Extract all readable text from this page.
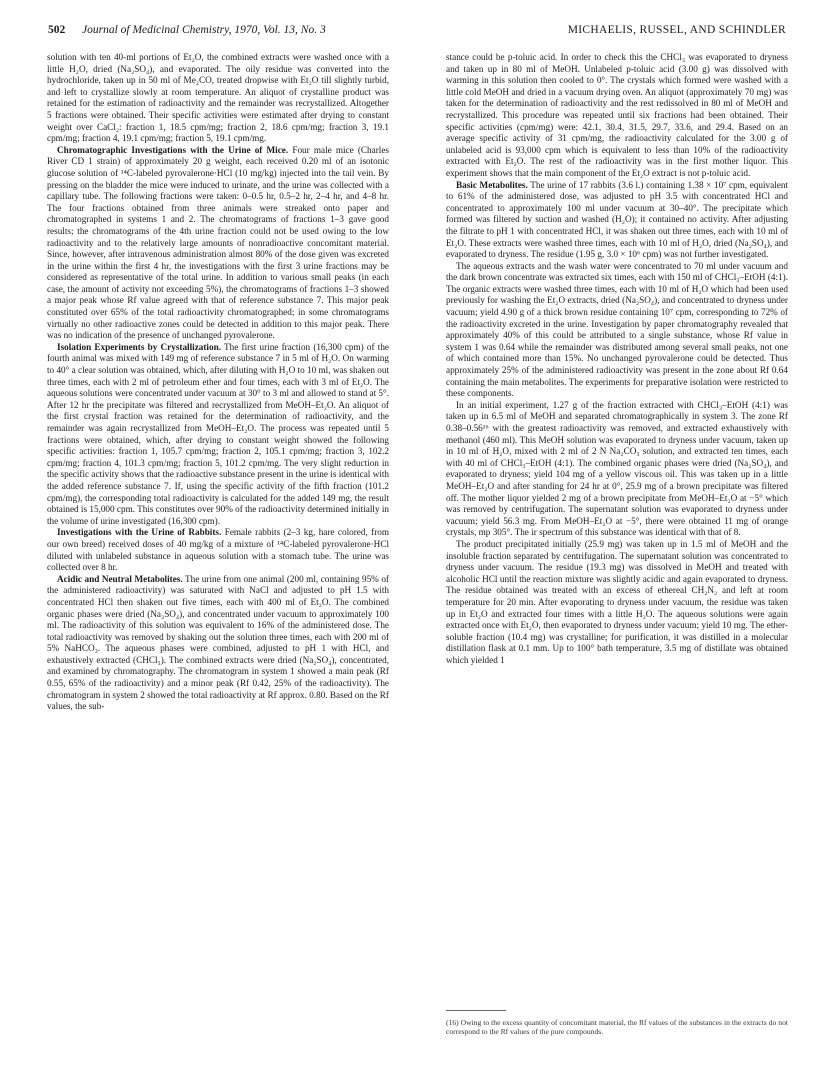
502 Journal of Medicinal Chemistry, 1970, Vol. 13, No. 3	MICHAELIS, RUSSEL, AND SCHINDLER

solution with ten 40-ml portions of Et₂O, the combined extracts were washed once with a little H₂O, dried (Na₂SO₄), and evaporated. The oily residue was converted into the hydrochloride, taken up in 50 ml of Me₂CO, treated dropwise with Et₂O till slightly turbid, and left to crystallize slowly at room temperature. An aliquot of crystalline product was retained for the estimation of radioactivity and the remainder was recrystallized. Altogether 5 fractions were obtained. Their specific activities were estimated after drying to constant weight over CaCl₂: fraction 1, 18.5 cpm/mg; fraction 2, 18.6 cpm/mg; fraction 3, 19.1 cpm/mg; fraction 4, 19.1 cpm/mg; fraction 5, 19.1 cpm/mg.

Chromatographic Investigations with the Urine of Mice. Four male mice (Charles River CD 1 strain) of approximately 20 g weight, each received 0.20 ml of an isotonic glucose solution of ¹⁴C-labeled pyrovalerone·HCl (10 mg/kg) injected into the tail vein. By pressing on the bladder the mice were induced to urinate, and the urine was collected with a capillary tube. The following fractions were taken: 0–0.5 hr, 0.5–2 hr, 2–4 hr, and 4–8 hr. The four fractions obtained from three animals were streaked onto paper and chromatographed in systems 1 and 2. The chromatograms of fractions 1–3 gave good results; the chromatograms of the 4th urine fraction could not be used owing to the low radioactivity and to the relatively large amounts of nonradioactive concomitant material. Since, however, after intravenous administration almost 80% of the dose given was excreted in the urine within the first 4 hr, the investigations with the first 3 urine fractions may be considered as representative of the total urine. In addition to various small peaks (in each case, the amount of activity not exceeding 5%), the chromatograms of fractions 1–3 showed a major peak whose Rf value agreed with that of reference substance 7. This major peak constituted over 65% of the total radioactivity chromatographed; in some chromatograms virtually no other radioactive zones could be detected in addition to this major peak. There was no indication of the presence of unchanged pyrovalerone.

Isolation Experiments by Crystallization. The first urine fraction (16,300 cpm) of the fourth animal was mixed with 149 mg of reference substance 7 in 5 ml of H₂O. On warming to 40° a clear solution was obtained, which, after diluting with H₂O to 10 ml, was shaken out three times, each with 2 ml of petroleum ether and four times, each with 3 ml of Et₂O. The aqueous solutions were concentrated under vacuum at 30° to 3 ml and allowed to stand at 5°. After 12 hr the precipitate was filtered and recrystallized from MeOH–Et₂O. An aliquot of the first crystal fraction was retained for the determination of radioactivity, and the remainder was again recrystallized from MeOH–Et₂O. The process was repeated until 5 fractions were obtained, which, after drying to constant weight showed the following specific activities: fraction 1, 105.7 cpm/mg; fraction 2, 105.1 cpm/mg; fraction 3, 102.2 cpm/mg; fraction 4, 101.3 cpm/mg; fraction 5, 101.2 cpm/mg. The very slight reduction in the specific activity shows that the radioactive substance present in the urine is identical with the added reference substance 7. If, using the specific activity of the fifth fraction (101.2 cpm/mg), the corresponding total radioactivity is calculated for the added 149 mg, the result obtained is 15,000 cpm. This constitutes over 90% of the radioactivity determined initially in the volume of urine investigated (16,300 cpm).

Investigations with the Urine of Rabbits. Female rabbits (2–3 kg, hare colored, from our own breed) received doses of 40 mg/kg of a mixture of ¹⁴C-labeled pyrovalerone·HCl diluted with unlabeled substance in aqueous solution with a stomach tube. The urine was collected over 8 hr.

Acidic and Neutral Metabolites. The urine from one animal (200 ml, containing 95% of the administered radioactivity) was saturated with NaCl and adjusted to pH 1.5 with concentrated HCl then shaken out five times, each with 400 ml of Et₂O. The combined organic phases were dried (Na₂SO₄), and concentrated under vacuum to approximately 100 ml. The radioactivity of this solution was equivalent to 16% of the administered dose. The total radioactivity was removed by shaking out the solution three times, each with 200 ml of 5% NaHCO₃. The aqueous phases were combined, adjusted to pH 1 with HCl, and exhaustively extracted (CHCl₃). The combined extracts were dried (Na₂SO₄), concentrated, and examined by chromatography. The chromatogram in system 1 showed a main peak (Rf 0.55, 65% of the radioactivity) and a minor peak (Rf 0.42, 25% of the radioactivity). The chromatogram in system 2 showed the total radioactivity at Rf approx. 0.80. Based on the Rf values, the sub-

stance could be p-toluic acid. In order to check this the CHCl₃ was evaporated to dryness and taken up in 80 ml of MeOH. Unlabeled p-toluic acid (3.00 g) was dissolved with warming in this solution then cooled to 0°. The crystals which formed were washed with a little cold MeOH and dried in a vacuum drying oven. An aliquot (approximately 70 mg) was taken for the determination of radioactivity and the rest redissolved in 80 ml of MeOH and recrystallized. This procedure was repeated until six fractions had been obtained. Their specific activities (cpm/mg) were: 42.1, 30.4, 31.5, 29.7, 33.6, and 29.4. Based on an average specific activity of 31 cpm/mg, the radioactivity calculated for the 3.00 g of unlabeled acid is 93,000 cpm which is equivalent to less than 10% of the radioactivity extracted with Et₂O. The rest of the radioactivity was in the first mother liquor. This experiment shows that the main component of the Et₂O extract is not p-toluic acid.

Basic Metabolites. The urine of 17 rabbits (3.6 l.) containing 1.38 × 10⁷ cpm, equivalent to 61% of the administered dose, was adjusted to pH 3.5 with concentrated HCl and concentrated to approximately 100 ml under vacuum at 30–40°. The precipitate which formed was filtered by suction and washed (H₂O); it contained no activity. After adjusting the filtrate to pH 1 with concentrated HCl, it was shaken out three times, each with 10 ml of Et₂O. These extracts were washed three times, each with 10 ml of H₂O, dried (Na₂SO₄), and evaporated to dryness. The residue (1.95 g, 3.0 × 10⁶ cpm) was not further investigated.

The aqueous extracts and the wash water were concentrated to 70 ml under vacuum and the dark brown concentrate was extracted six times, each with 150 ml of CHCl₃–EtOH (4:1). The organic extracts were washed three times, each with 10 ml of H₂O which had been used previously for washing the Et₂O extracts, dried (Na₂SO₄), and concentrated to dryness under vacuum; yield 4.90 g of a thick brown residue containing 10⁷ cpm, corresponding to 72% of the radioactivity excreted in the urine. Investigation by paper chromatography revealed that approximately 40% of this could be attributed to a single substance, whose Rf value in system 1 was 0.64 while the remainder was distributed among several small peaks, not one of which contained more than 15%. No unchanged pyrovalerone could be detected. Thus approximately 25% of the administered radioactivity was present in the zone about Rf 0.64 containing the main metabolites. The experiments for preparative isolation were restricted to these components.

In an initial experiment, 1.27 g of the fraction extracted with CHCl₃–EtOH (4:1) was taken up in 6.5 ml of MeOH and separated chromatographically in system 3. The zone Rf 0.38–0.56¹⁶ with the greatest radioactivity was removed, and extracted exhaustively with methanol (460 ml). This MeOH solution was evaporated to dryness under vacuum, taken up in 10 ml of H₂O, mixed with 2 ml of 2 N Na₂CO₃ solution, and extracted ten times, each with 40 ml of CHCl₃–EtOH (4:1). The combined organic phases were dried (Na₂SO₄), and evaporated to dryness; yield 104 mg of a yellow viscous oil. This was taken up in a little MeOH–Et₂O and after standing for 24 hr at 0°, 25.9 mg of a brown precipitate was filtered off. The mother liquor yielded 2 mg of a brown precipitate from MeOH–Et₂O at −5° which was removed by centrifugation. The supernatant solution was evaporated to dryness under vacuum; yield 56.3 mg. From MeOH–Et₂O at −5°, there were obtained 11 mg of orange crystals, mp 305°. The ir spectrum of this substance was identical with that of 8.

The product precipitated initially (25.9 mg) was taken up in 1.5 ml of MeOH and the insoluble fraction separated by centrifugation. The supernatant solution was concentrated to dryness under vacuum. The residue (19.3 mg) was dissolved in MeOH and treated with alcoholic HCl until the reaction mixture was slightly acidic and again evaporated to dryness. The residue obtained was treated with an excess of ethereal CH₂N₂ and left at room temperature for 20 min. After evaporating to dryness under vacuum, the residue was taken up in Et₂O and extracted four times with a little H₂O. The aqueous solutions were again extracted once with Et₂O, then evaporated to dryness under vacuum; yield 10 mg. The ether-soluble fraction (10.4 mg) was crystalline; for purification, it was distilled in a molecular distillation flask at 0.1 mm. Up to 100° bath temperature, 3.5 mg of distillate was obtained which yielded 1

(16) Owing to the excess quantity of concomitant material, the Rf values of the substances in the extracts do not correspond to the Rf values of the pure compounds.
